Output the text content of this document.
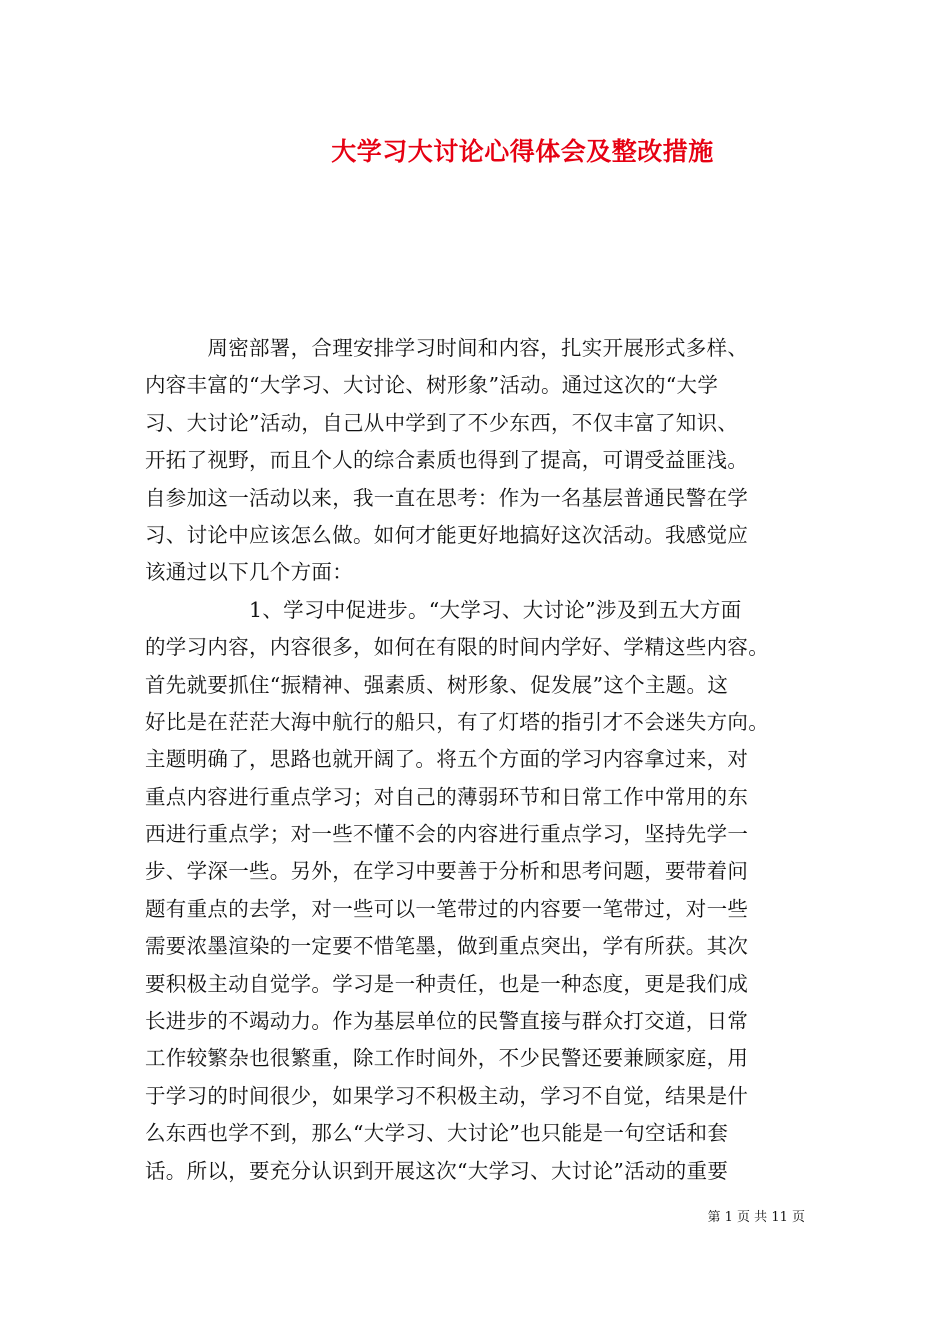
大学习大讨论心得体会及整改措施
　　　周密部署，合理安排学习时间和内容，扎实开展形式多样、
内容丰富的“大学习、大讨论、树形象”活动。通过这次的“大学
习、大讨论”活动，自己从中学到了不少东西，不仅丰富了知识、
开拓了视野，而且个人的综合素质也得到了提高，可谓受益匪浅。
自参加这一活动以来，我一直在思考：作为一名基层普通民警在学
习、讨论中应该怎么做。如何才能更好地搞好这次活动。我感觉应
该通过以下几个方面：
　　　　　1、学习中促进步。“大学习、大讨论”涉及到五大方面
的学习内容，内容很多，如何在有限的时间内学好、学精这些内容。
首先就要抓住“振精神、强素质、树形象、促发展”这个主题。这
好比是在茫茫大海中航行的船只，有了灯塔的指引才不会迷失方向。
主题明确了，思路也就开阔了。将五个方面的学习内容拿过来，对
重点内容进行重点学习；对自己的薄弱环节和日常工作中常用的东
西进行重点学；对一些不懂不会的内容进行重点学习，坚持先学一
步、学深一些。另外，在学习中要善于分析和思考问题，要带着问
题有重点的去学，对一些可以一笔带过的内容要一笔带过，对一些
需要浓墨渲染的一定要不惜笔墨，做到重点突出，学有所获。其次
要积极主动自觉学。学习是一种责任，也是一种态度，更是我们成
长进步的不竭动力。作为基层单位的民警直接与群众打交道，日常
工作较繁杂也很繁重，除工作时间外，不少民警还要兼顾家庭，用
于学习的时间很少，如果学习不积极主动，学习不自觉，结果是什
么东西也学不到，那么“大学习、大讨论”也只能是一句空话和套
话。所以，要充分认识到开展这次“大学习、大讨论”活动的重要
第 1 页 共 11 页
